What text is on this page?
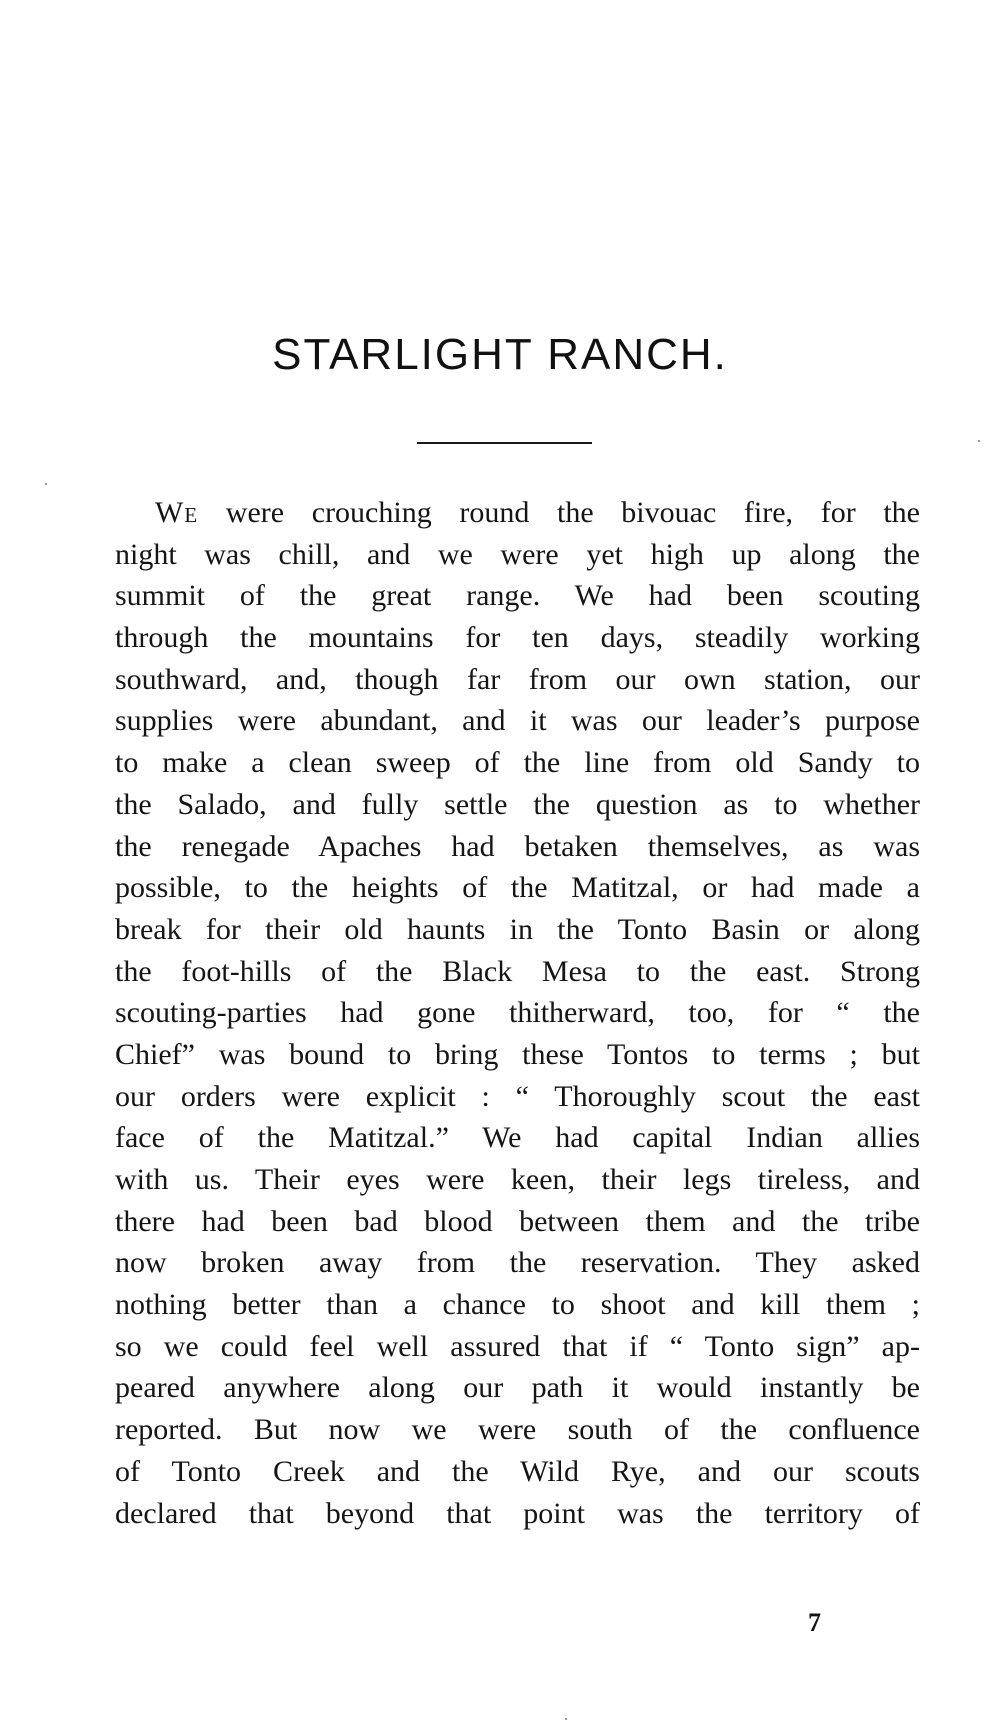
STARLIGHT RANCH.
We were crouching round the bivouac fire, for the
night was chill, and we were yet high up along the
summit of the great range. We had been scouting
through the mountains for ten days, steadily working
southward, and, though far from our own station, our
supplies were abundant, and it was our leader’s purpose
to make a clean sweep of the line from old Sandy to
the Salado, and fully settle the question as to whether
the renegade Apaches had betaken themselves, as was
possible, to the heights of the Matitzal, or had made a
break for their old haunts in the Tonto Basin or along
the foot-hills of the Black Mesa to the east. Strong
scouting-parties had gone thitherward, too, for “ the
Chief” was bound to bring these Tontos to terms ; but
our orders were explicit : “ Thoroughly scout the east
face of the Matitzal.” We had capital Indian allies
with us. Their eyes were keen, their legs tireless, and
there had been bad blood between them and the tribe
now broken away from the reservation. They asked
nothing better than a chance to shoot and kill them ;
so we could feel well assured that if “ Tonto sign” ap-
peared anywhere along our path it would instantly be
reported. But now we were south of the confluence
of Tonto Creek and the Wild Rye, and our scouts
declared that beyond that point was the territory of
7
